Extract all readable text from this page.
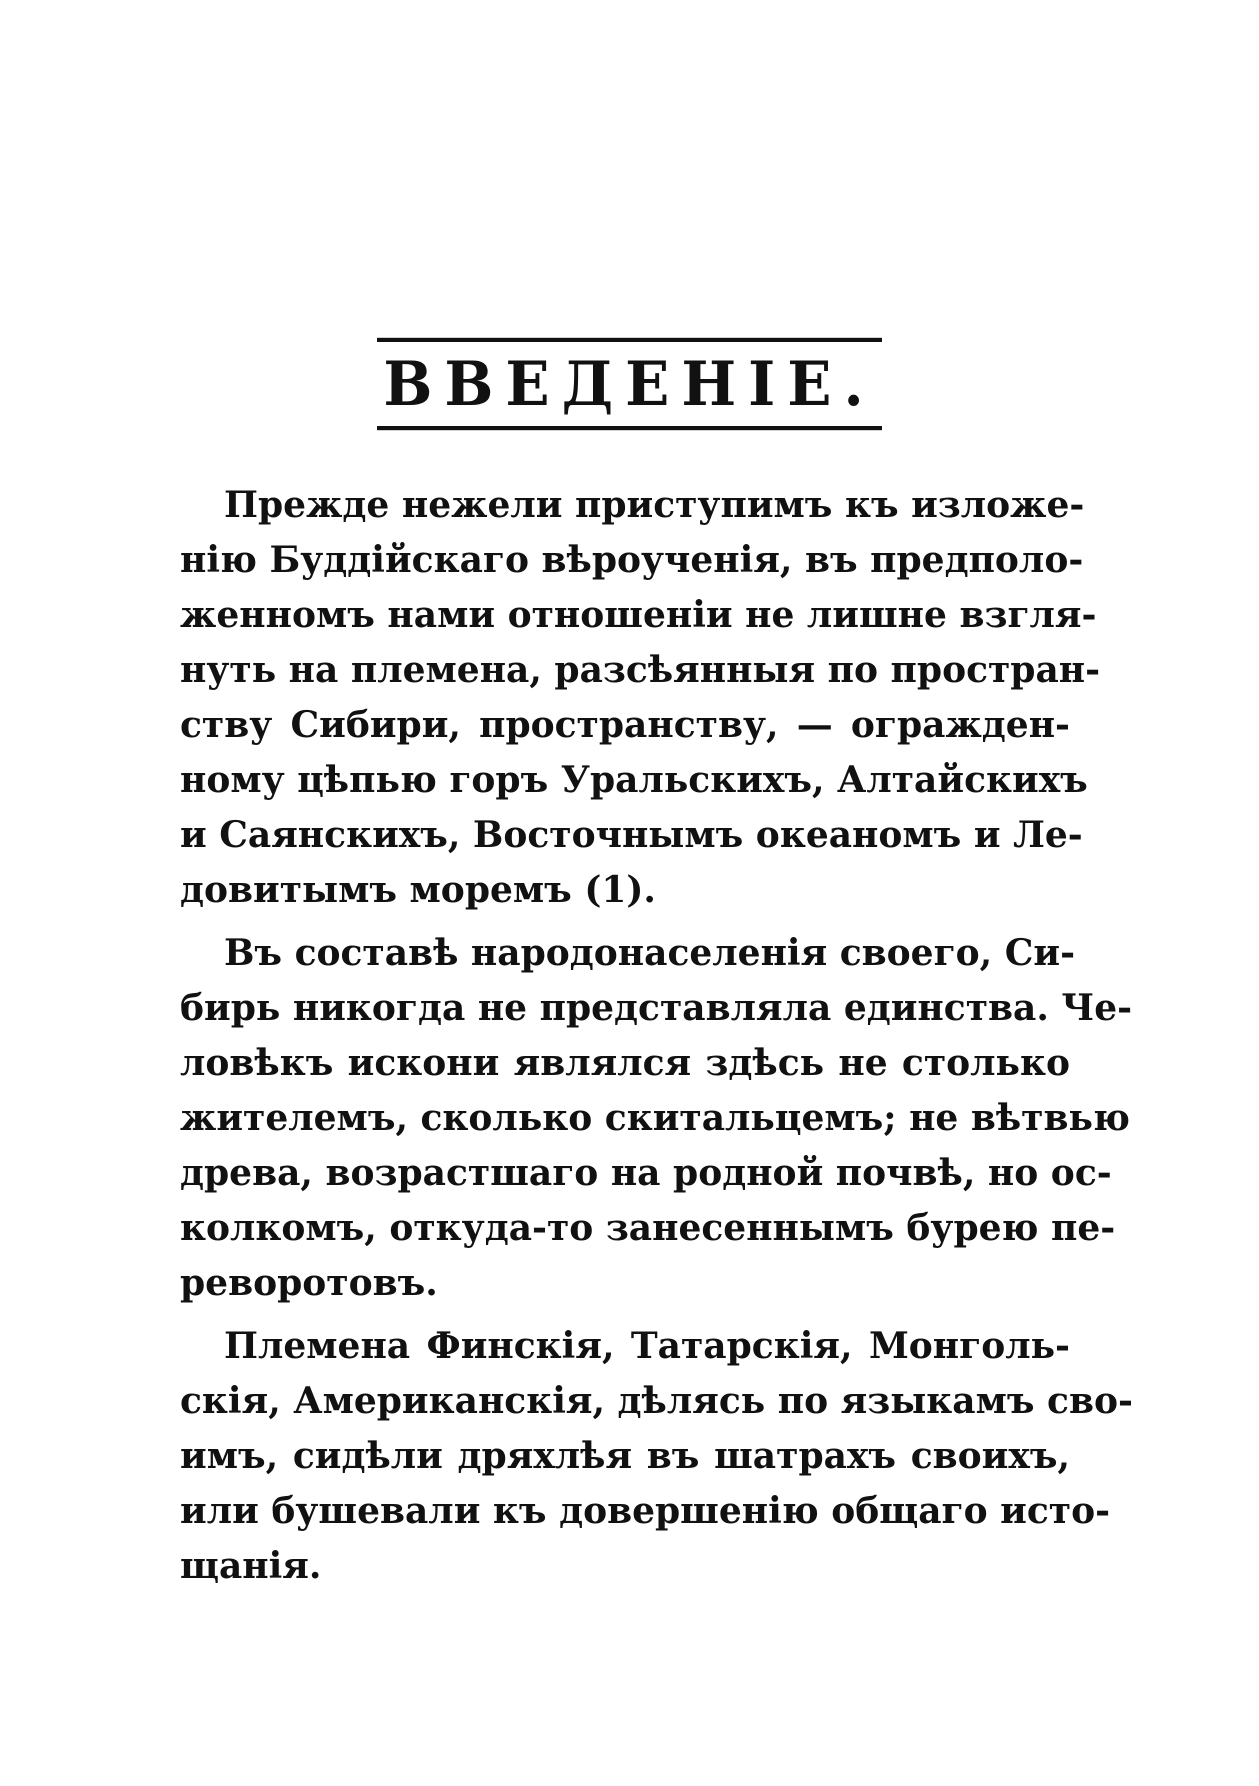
ВВЕДЕНIЕ.
Прежде нежели приступимъ къ изложе-
нiю Буддiйскаго вѣроученiя, въ предполо-
женномъ нами отношенiи не лишне взгля-
нуть на племена, разсѣянныя по простран-
ству Сибири, пространству, — огражден-
ному цѣпью горъ Уральскихъ, Алтайскихъ
и Саянскихъ, Восточнымъ океаномъ и Ле-
довитымъ моремъ (1).
Въ составѣ народонаселенiя своего, Си-
бирь никогда не представляла единства. Че-
ловѣкъ искони являлся здѣсь не столько
жителемъ, сколько скитальцемъ; не вѣтвью
древа, возрастшаго на родной почвѣ, но ос-
колкомъ, откуда-то занесеннымъ бурею пе-
реворотовъ.
Племена Финскiя, Татарскiя, Монголь-
скiя, Американскiя, дѣлясь по языкамъ сво-
имъ, сидѣли дряхлѣя въ шатрахъ своихъ,
или бушевали къ довершенiю общаго исто-
щанiя.
